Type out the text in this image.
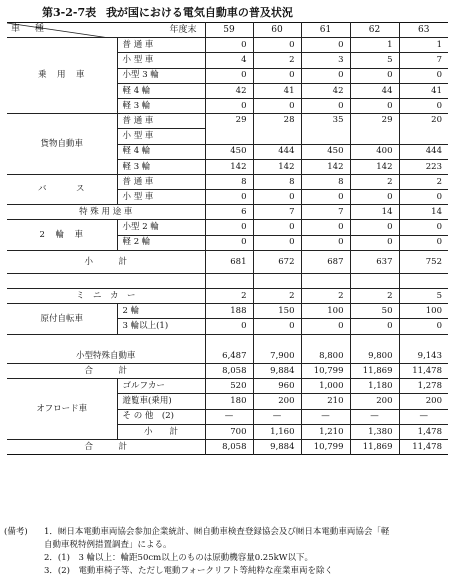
第3-2-7表 我が国における電気自動車の普及状況
年度末
車 種		59	60	61	62	63
乗　用　車	普 通 車	0	0	0	1	1
	小 型 車	4	2	3	5	7
	小型 3 輪	0	0	0	0	0
	軽 4 輪	42	41	42	44	41
	軽 3 輪	0	0	0	0	0
貨物自動車	普 通 車	29	28	35	29	20
	小 型 車					
	軽 4 輪	450	444	450	400	444
	軽 3 輪	142	142	142	142	223
バ　　　ス	普 通 車	8	8	8	2	2
	小 型 車	0	0	0	0	0
特 殊 用 途 車		6	7	7	14	14
2　輪　車	小型 2 輪	0	0	0	0	0
	軽 2 輪	0	0	0	0	0
小　　　計		681	672	687	637	752

ミ　ニ　カ　ー		2	2	2	2	5
原付自転車	2 輪	188	150	100	50	100
	3 輪以上(1)	0	0	0	0	0

小型特殊自動車		6,487	7,900	8,800	9,800	9,143
合　　　計		8,058	9,884	10,799	11,869	11,478
オフロード車	ゴルフカー	520	960	1,000	1,180	1,278
	遊覧車(乗用)	180	200	210	200	200
	そ の 他　(2)	—	—	—	—	—
	小　　計	700	1,160	1,210	1,380	1,478
合　　　計		8,058	9,884	10,799	11,869	11,478
(備考) 1．㈶日本電動車両協会参加企業統計、㈶自動車検査登録協会及び㈶日本電動車両協会「軽
自動車税特例措置調査」による。
2．(1)　3 輪以上：輪距50cm以上のものは原動機容量0.25kW以下。
3．(2)　電動車椅子等、ただし電動フォークリフト等純粋な産業車両を除く
